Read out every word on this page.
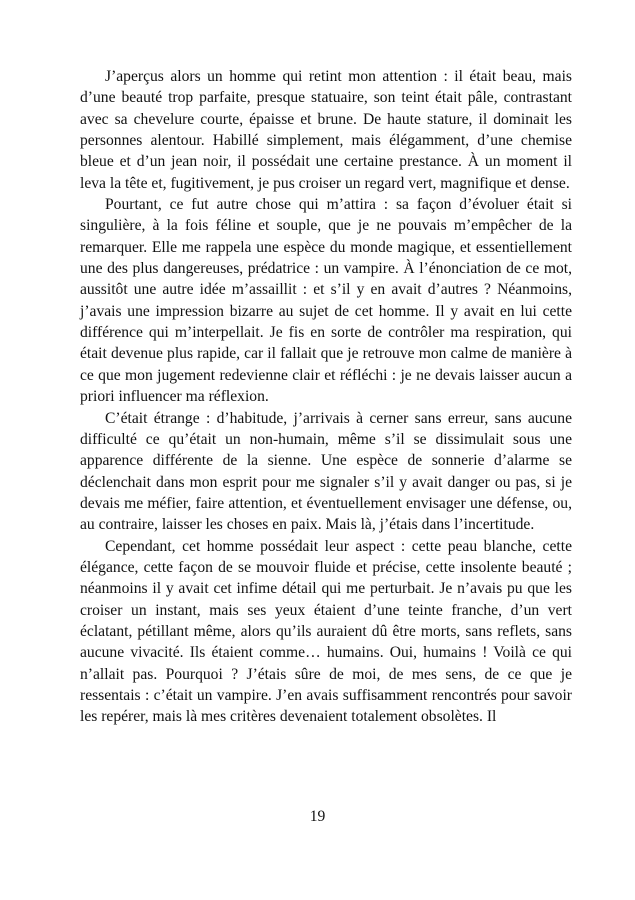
J’aperçus alors un homme qui retint mon attention : il était beau, mais d’une beauté trop parfaite, presque statuaire, son teint était pâle, contrastant avec sa chevelure courte, épaisse et brune. De haute stature, il dominait les personnes alentour. Habillé simplement, mais élégamment, d’une chemise bleue et d’un jean noir, il possédait une certaine prestance. À un moment il leva la tête et, fugitivement, je pus croiser un regard vert, magnifique et dense.

Pourtant, ce fut autre chose qui m’attira : sa façon d’évoluer était si singulière, à la fois féline et souple, que je ne pouvais m’empêcher de la remarquer. Elle me rappela une espèce du monde magique, et essentiellement une des plus dangereuses, prédatrice : un vampire. À l’énonciation de ce mot, aussitôt une autre idée m’assaillit : et s’il y en avait d’autres ? Néanmoins, j’avais une impression bizarre au sujet de cet homme. Il y avait en lui cette différence qui m’interpellait. Je fis en sorte de contrôler ma respiration, qui était devenue plus rapide, car il fallait que je retrouve mon calme de manière à ce que mon jugement redevienne clair et réfléchi : je ne devais laisser aucun a priori influencer ma réflexion.

C’était étrange : d’habitude, j’arrivais à cerner sans erreur, sans aucune difficulté ce qu’était un non-humain, même s’il se dissimulait sous une apparence différente de la sienne. Une espèce de sonnerie d’alarme se déclenchait dans mon esprit pour me signaler s’il y avait danger ou pas, si je devais me méfier, faire attention, et éventuellement envisager une défense, ou, au contraire, laisser les choses en paix. Mais là, j’étais dans l’incertitude.

Cependant, cet homme possédait leur aspect : cette peau blanche, cette élégance, cette façon de se mouvoir fluide et précise, cette insolente beauté ; néanmoins il y avait cet infime détail qui me perturbait. Je n’avais pu que les croiser un instant, mais ses yeux étaient d’une teinte franche, d’un vert éclatant, pétillant même, alors qu’ils auraient dû être morts, sans reflets, sans aucune vivacité. Ils étaient comme… humains. Oui, humains ! Voilà ce qui n’allait pas. Pourquoi ? J’étais sûre de moi, de mes sens, de ce que je ressentais : c’était un vampire. J’en avais suffisamment rencontrés pour savoir les repérer, mais là mes critères devenaient totalement obsolètes. Il

19
